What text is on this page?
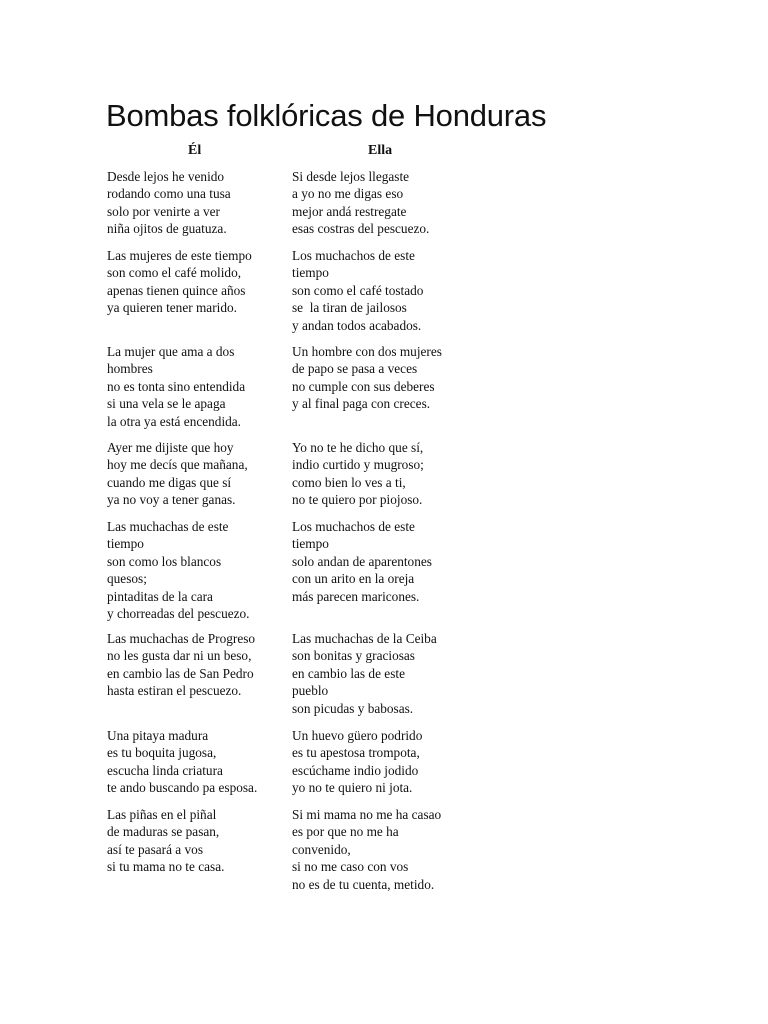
Bombas folklóricas de Honduras
Él	Ella

Desde lejos he venido
rodando como una tusa
solo por venirte a ver
niña ojitos de guatuza.

Si desde lejos llegaste
a yo no me digas eso
mejor andá restregate
esas costras del pescuezo.

Las mujeres de este tiempo
son como el café molido,
apenas tienen quince años
ya quieren tener marido.

Los muchachos de este
tiempo
son como el café tostado
se  la tiran de jailosos
y andan todos acabados.

La mujer que ama a dos
hombres
no es tonta sino entendida
si una vela se le apaga
la otra ya está encendida.

Un hombre con dos mujeres
de papo se pasa a veces
no cumple con sus deberes
y al final paga con creces.

Ayer me dijiste que hoy
hoy me decís que mañana,
cuando me digas que sí
ya no voy a tener ganas.

Yo no te he dicho que sí,
indio curtido y mugroso;
como bien lo ves a ti,
no te quiero por piojoso.

Las muchachas de este
tiempo
son como los blancos
quesos;
pintaditas de la cara
y chorreadas del pescuezo.

Los muchachos de este
tiempo
solo andan de aparentones
con un arito en la oreja
más parecen maricones.

Las muchachas de Progreso
no les gusta dar ni un beso,
en cambio las de San Pedro
hasta estiran el pescuezo.

Las muchachas de la Ceiba
son bonitas y graciosas
en cambio las de este
pueblo
son picudas y babosas.

Una pitaya madura
es tu boquita jugosa,
escucha linda criatura
te ando buscando pa esposa.

Un huevo güero podrido
es tu apestosa trompota,
escúchame indio jodido
yo no te quiero ni jota.

Las piñas en el piñal
de maduras se pasan,
así te pasará a vos
si tu mama no te casa.

Si mi mama no me ha casao
es por que no me ha
convenido,
si no me caso con vos
no es de tu cuenta, metido.
